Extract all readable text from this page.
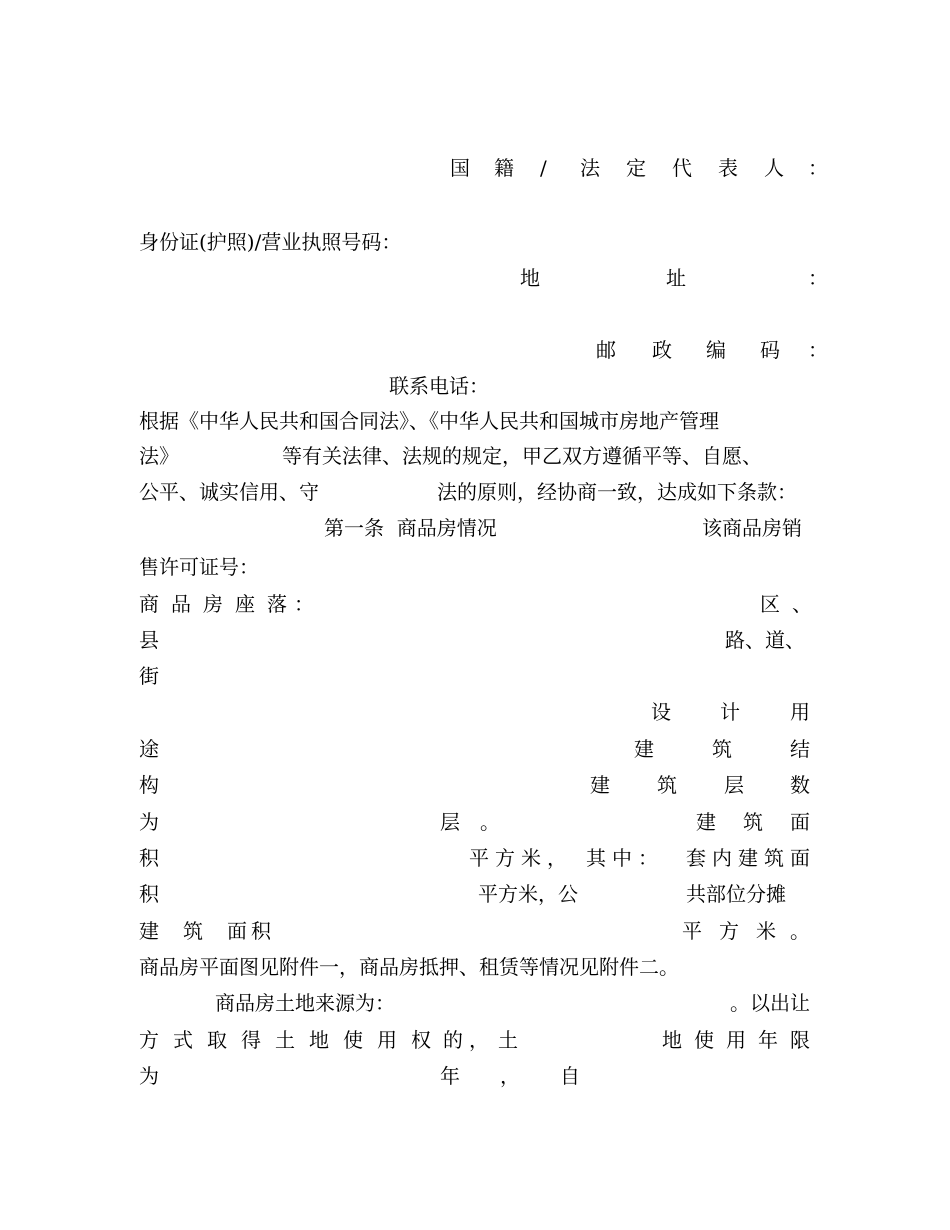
国 籍 / 法 定 代 表 人 ：
身份证(护照)/营业执照号码：
地	址	：
邮 政 编 码 ：
联系电话：
根据《中华人民共和国合同法》、《中华人民共和国城市房地产管理
法》	等有关法律、法规的规定，甲乙双方遵循平等、自愿、
公平、诚实信用、守	法的原则，经协商一致，达成如下条款：
第一条  商品房情况	该商品房销
售许可证号：
商 品 房 座 落 ：	区 、
县	路、道、
街
设 计	用
途	建	筑	结
构	建 筑 层 数
为	层 。	建 筑 面
积	平 方 米 ， 其 中 ： 套 内 建 筑 面
积	平方米，公	共部位分摊
建 筑 面 积	平 方 米 。
商品房平面图见附件一，商品房抵押、租赁等情况见附件二。
商品房土地来源为：	。以出让
方 式 取 得 土 地 使 用 权 的 ， 土	地 使 用 年 限
为	年 ， 自
